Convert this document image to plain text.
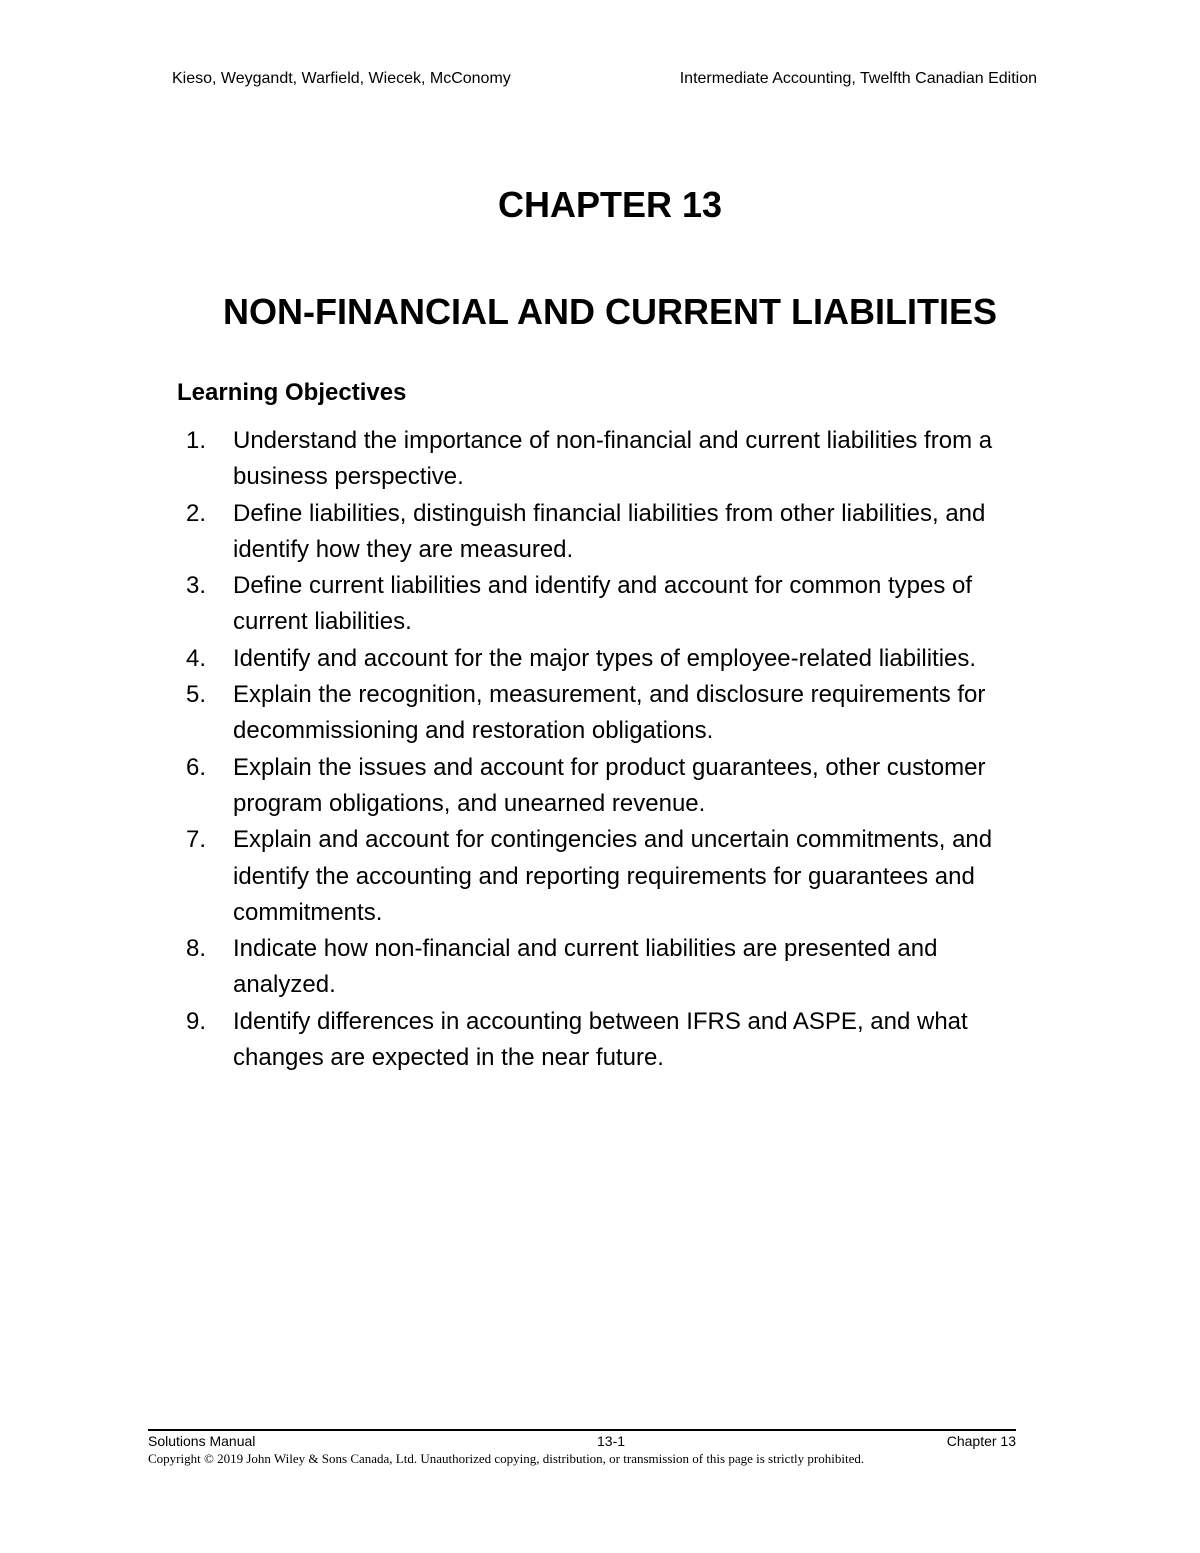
Kieso, Weygandt, Warfield, Wiecek, McConomy	Intermediate Accounting, Twelfth Canadian Edition
CHAPTER 13
NON-FINANCIAL AND CURRENT LIABILITIES
Learning Objectives
1.	Understand the importance of non-financial and current liabilities from a business perspective.
2.	Define liabilities, distinguish financial liabilities from other liabilities, and identify how they are measured.
3.	Define current liabilities and identify and account for common types of current liabilities.
4.	Identify and account for the major types of employee-related liabilities.
5.	Explain the recognition, measurement, and disclosure requirements for decommissioning and restoration obligations.
6.	Explain the issues and account for product guarantees, other customer program obligations, and unearned revenue.
7.	Explain and account for contingencies and uncertain commitments, and identify the accounting and reporting requirements for guarantees and commitments.
8.	Indicate how non-financial and current liabilities are presented and analyzed.
9.	Identify differences in accounting between IFRS and ASPE, and what changes are expected in the near future.
Solutions Manual	13-1	Chapter 13
Copyright © 2019 John Wiley & Sons Canada, Ltd. Unauthorized copying, distribution, or transmission of this page is strictly prohibited.
